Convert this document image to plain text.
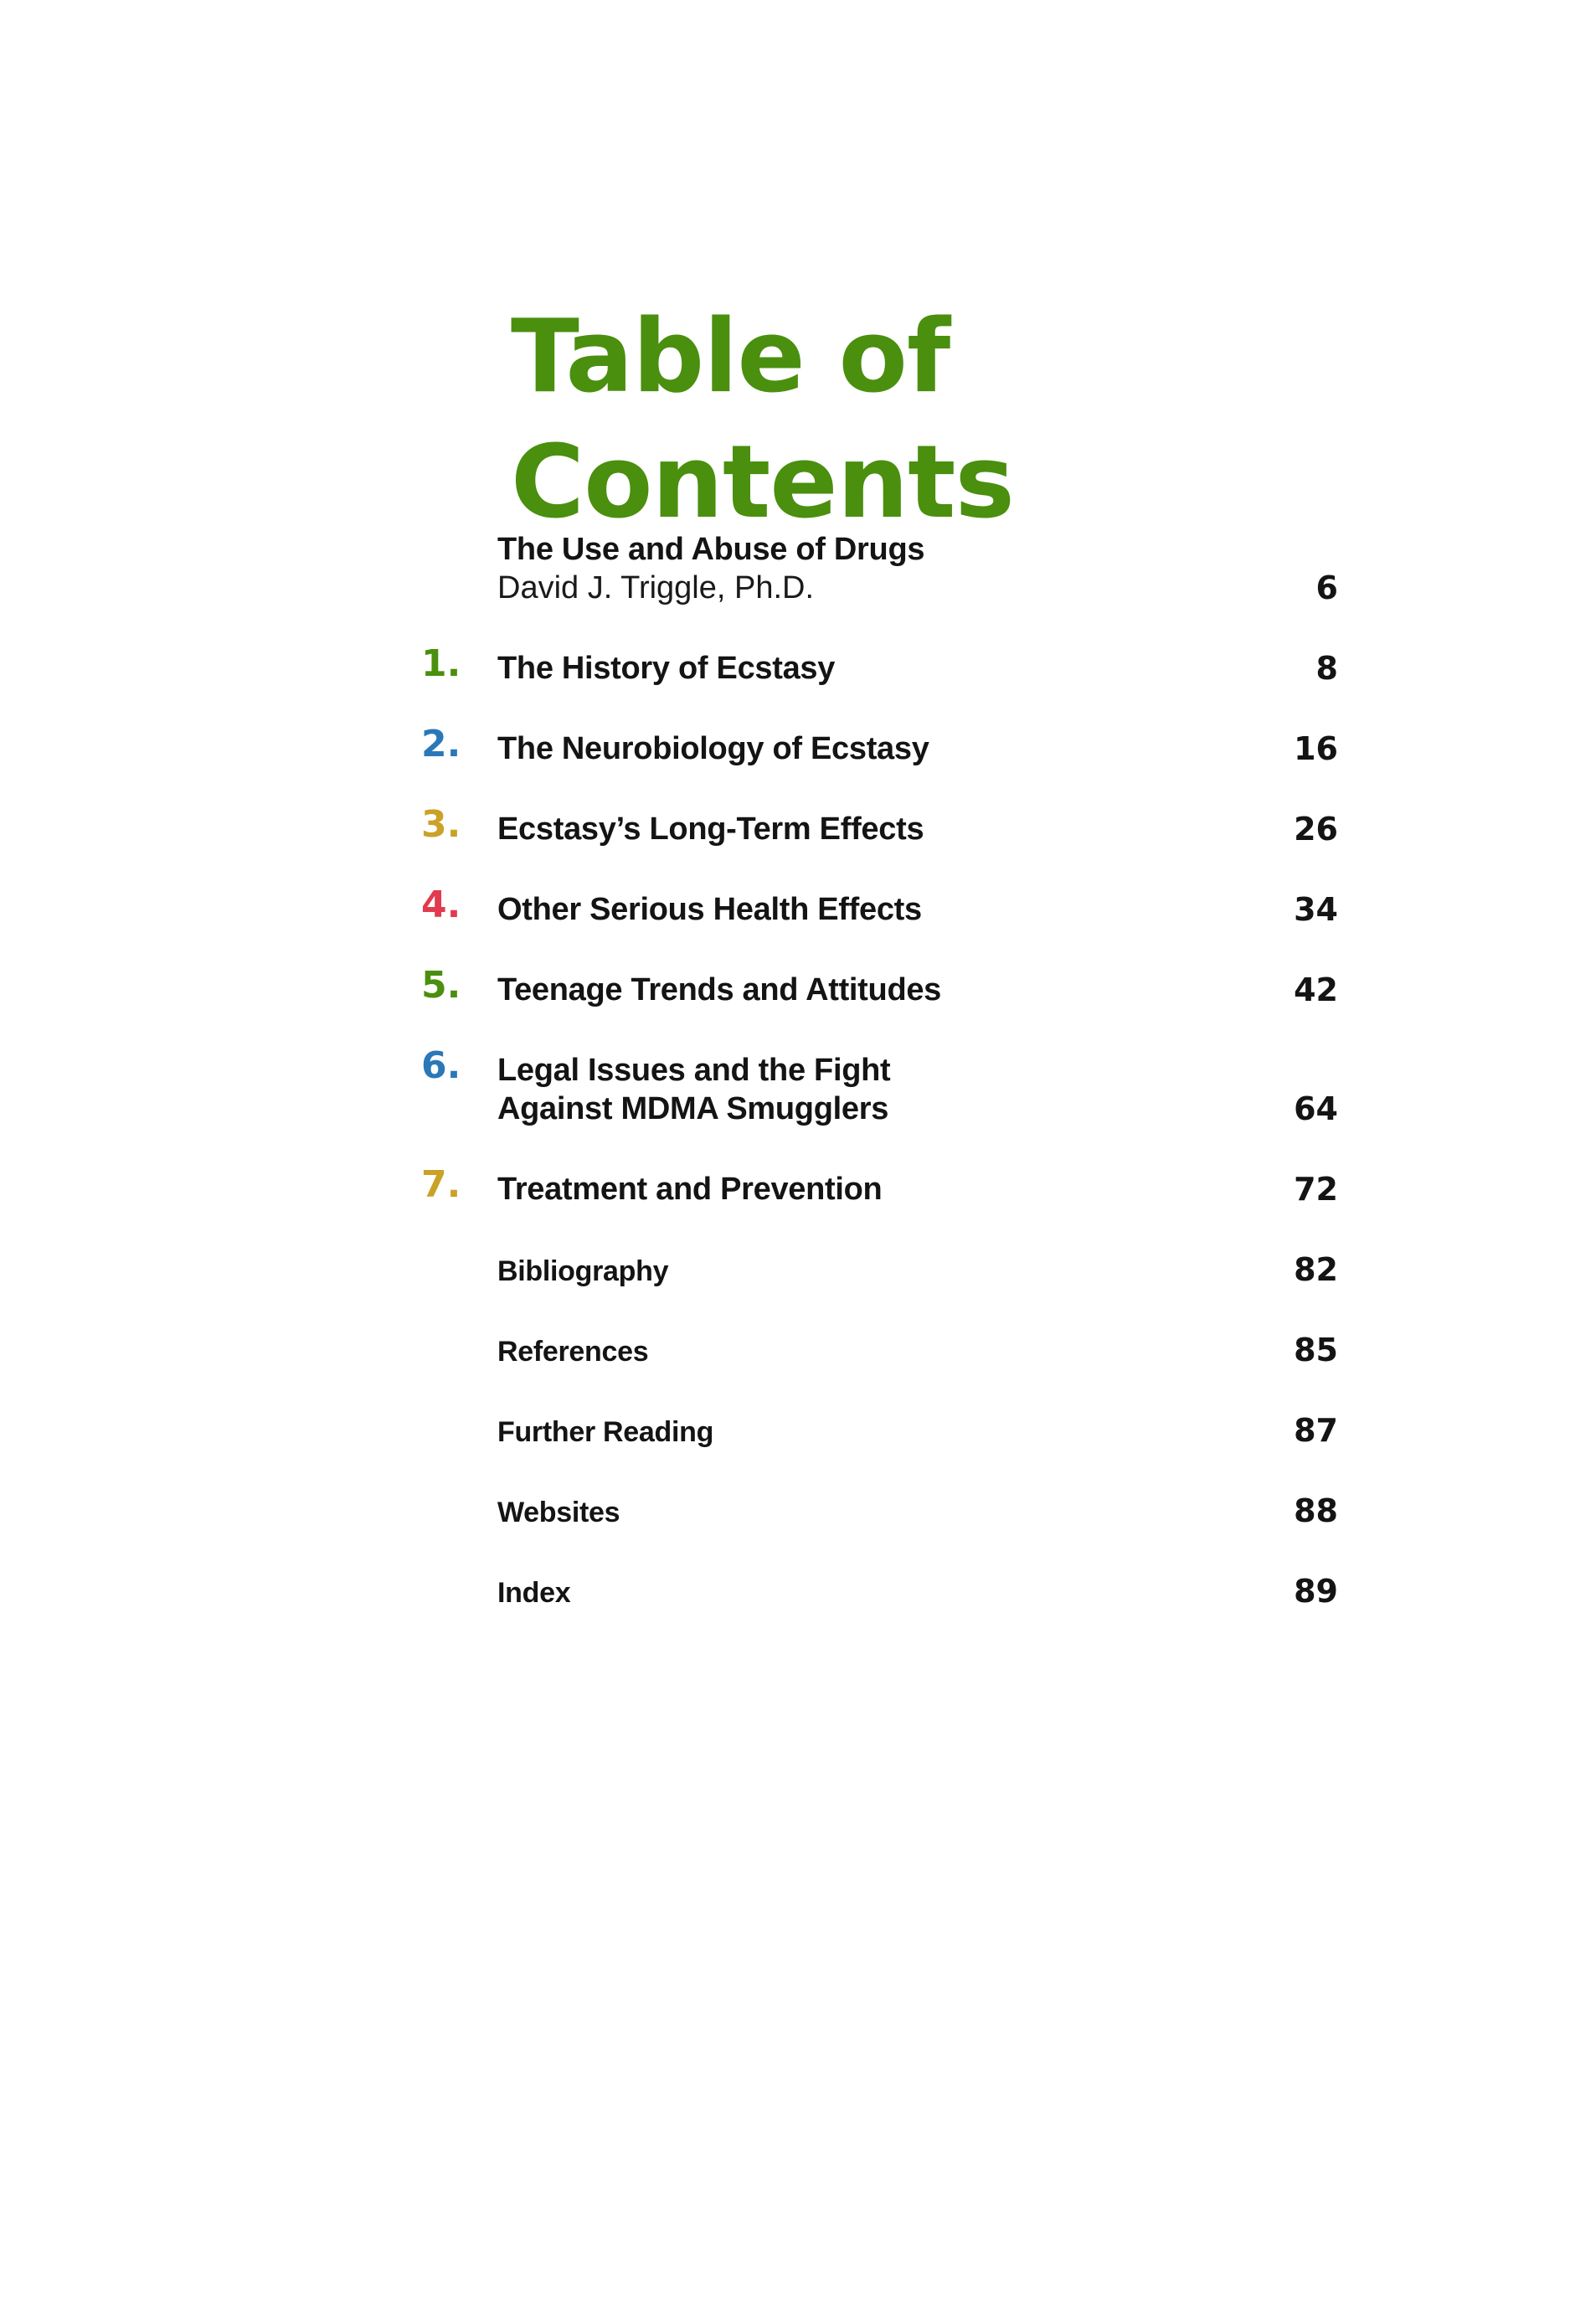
Table of Contents
The Use and Abuse of Drugs
David J. Triggle, Ph.D.	6
1. The History of Ecstasy	8
2. The Neurobiology of Ecstasy	16
3. Ecstasy’s Long-Term Effects	26
4. Other Serious Health Effects	34
5. Teenage Trends and Attitudes	42
6. Legal Issues and the Fight
Against MDMA Smugglers	64
7. Treatment and Prevention	72
Bibliography	82
References	85
Further Reading	87
Websites	88
Index	89
